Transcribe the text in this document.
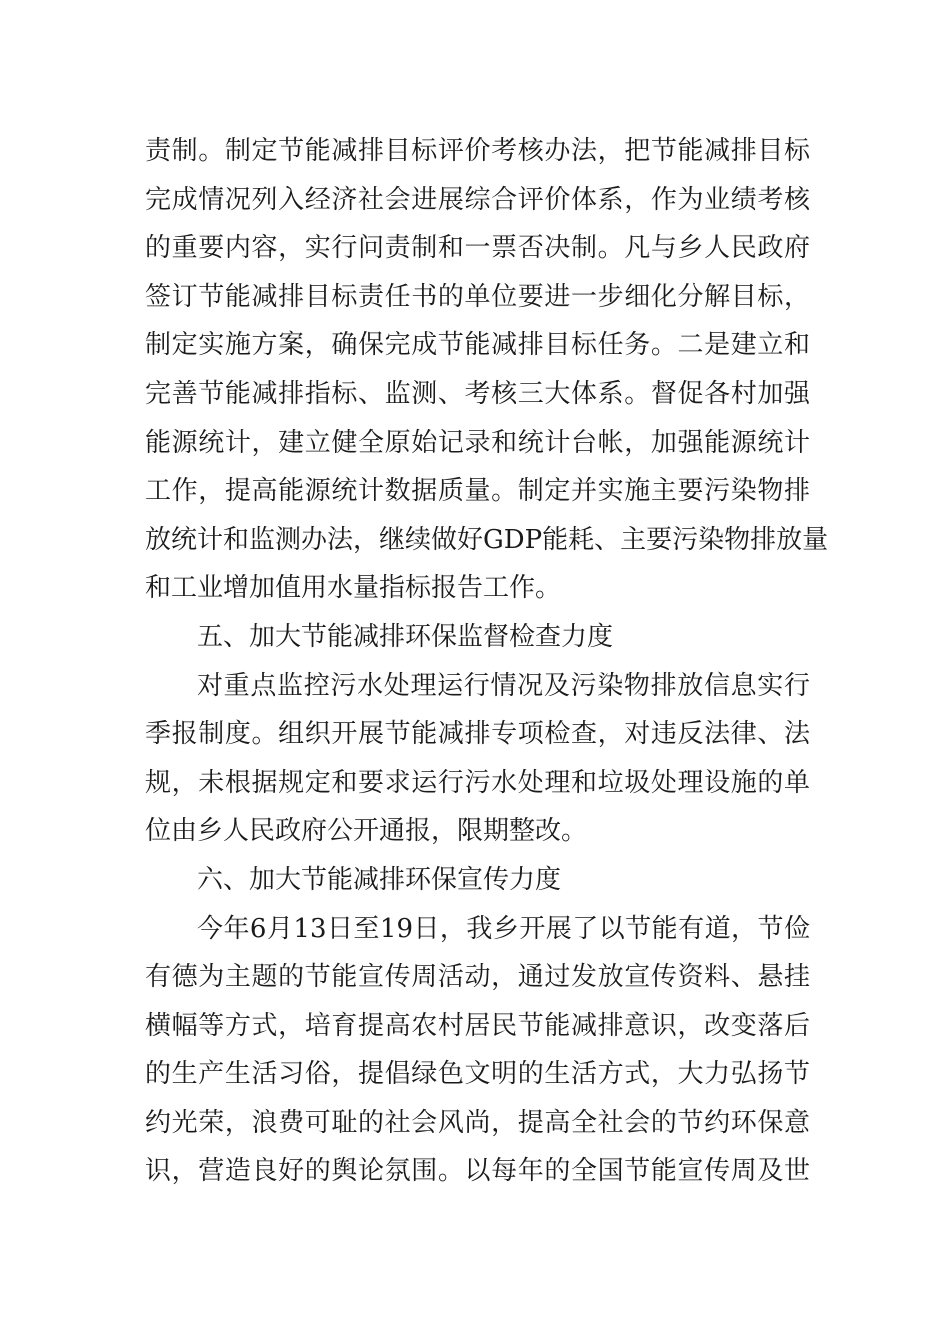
责制。制定节能减排目标评价考核办法，把节能减排目标
完成情况列入经济社会进展综合评价体系，作为业绩考核
的重要内容，实行问责制和一票否决制。凡与乡人民政府
签订节能减排目标责任书的单位要进一步细化分解目标，
制定实施方案，确保完成节能减排目标任务。二是建立和
完善节能减排指标、监测、考核三大体系。督促各村加强
能源统计，建立健全原始记录和统计台帐，加强能源统计
工作，提高能源统计数据质量。制定并实施主要污染物排
放统计和监测办法，继续做好GDP能耗、主要污染物排放量
和工业增加值用水量指标报告工作。
五、加大节能减排环保监督检查力度
对重点监控污水处理运行情况及污染物排放信息实行
季报制度。组织开展节能减排专项检查，对违反法律、法
规，未根据规定和要求运行污水处理和垃圾处理设施的单
位由乡人民政府公开通报，限期整改。
六、加大节能减排环保宣传力度
今年6月13日至19日，我乡开展了以节能有道，节俭
有德为主题的节能宣传周活动，通过发放宣传资料、悬挂
横幅等方式，培育提高农村居民节能减排意识，改变落后
的生产生活习俗，提倡绿色文明的生活方式，大力弘扬节
约光荣，浪费可耻的社会风尚，提高全社会的节约环保意
识，营造良好的舆论氛围。以每年的全国节能宣传周及世
